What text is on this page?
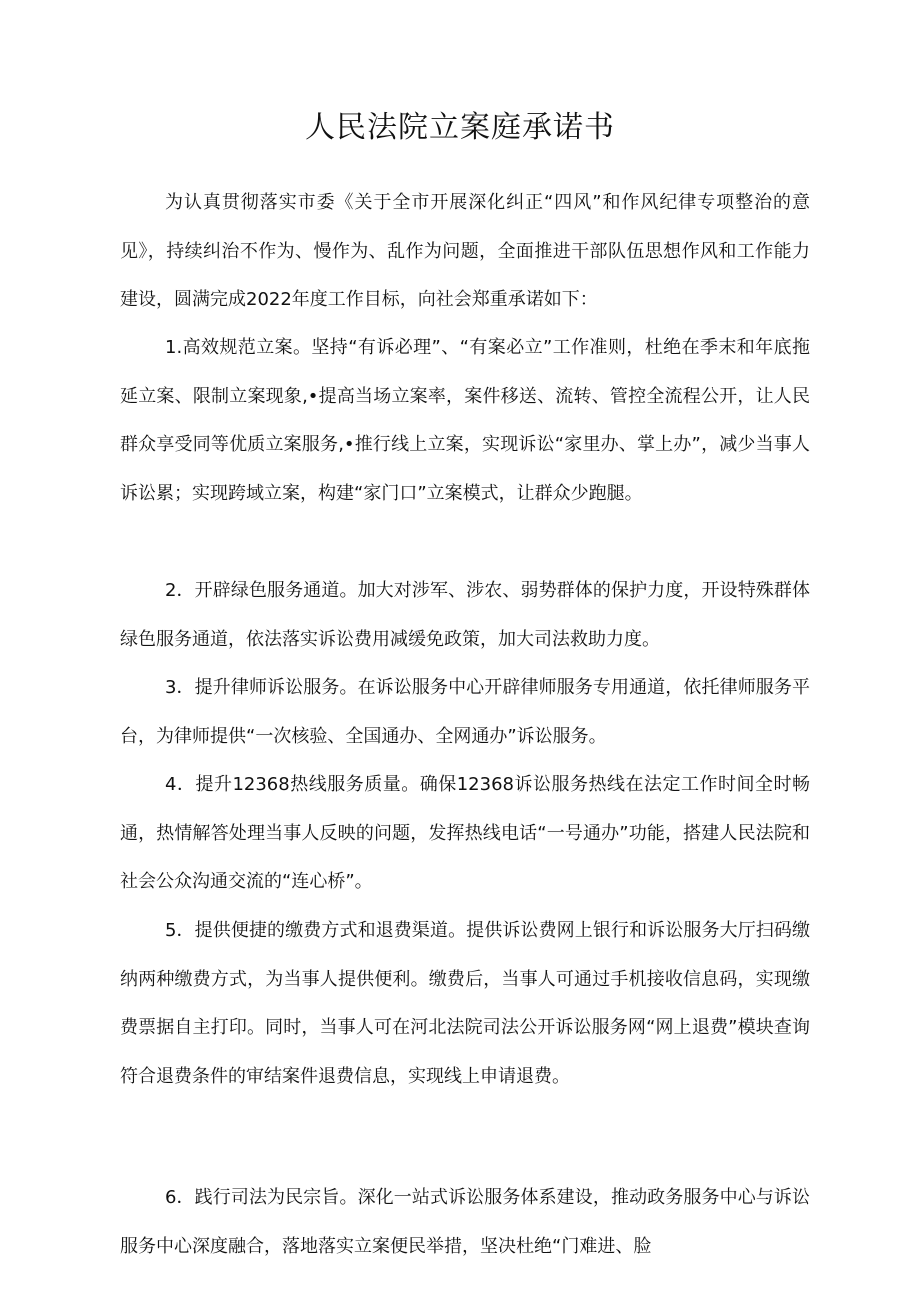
人民法院立案庭承诺书

为认真贯彻落实市委《关于全市开展深化纠正“四风”和作风纪律专项整治的意见》，持续纠治不作为、慢作为、乱作为问题，全面推进干部队伍思想作风和工作能力建设，圆满完成2022年度工作目标，向社会郑重承诺如下：

1.高效规范立案。坚持“有诉必理”、“有案必立”工作准则，杜绝在季末和年底拖延立案、限制立案现象,•提高当场立案率，案件移送、流转、管控全流程公开，让人民群众享受同等优质立案服务,•推行线上立案，实现诉讼“家里办、掌上办”，减少当事人诉讼累；实现跨域立案，构建“家门口”立案模式，让群众少跑腿。

2．开辟绿色服务通道。加大对涉军、涉农、弱势群体的保护力度，开设特殊群体绿色服务通道，依法落实诉讼费用减缓免政策，加大司法救助力度。

3．提升律师诉讼服务。在诉讼服务中心开辟律师服务专用通道，依托律师服务平台，为律师提供“一次核验、全国通办、全网通办”诉讼服务。

4．提升12368热线服务质量。确保12368诉讼服务热线在法定工作时间全时畅通，热情解答处理当事人反映的问题，发挥热线电话“一号通办”功能，搭建人民法院和社会公众沟通交流的“连心桥”。

5．提供便捷的缴费方式和退费渠道。提供诉讼费网上银行和诉讼服务大厅扫码缴纳两种缴费方式，为当事人提供便利。缴费后，当事人可通过手机接收信息码，实现缴费票据自主打印。同时，当事人可在河北法院司法公开诉讼服务网“网上退费”模块查询符合退费条件的审结案件退费信息，实现线上申请退费。

6．践行司法为民宗旨。深化一站式诉讼服务体系建设，推动政务服务中心与诉讼服务中心深度融合，落地落实立案便民举措，坚决杜绝“门难进、脸
